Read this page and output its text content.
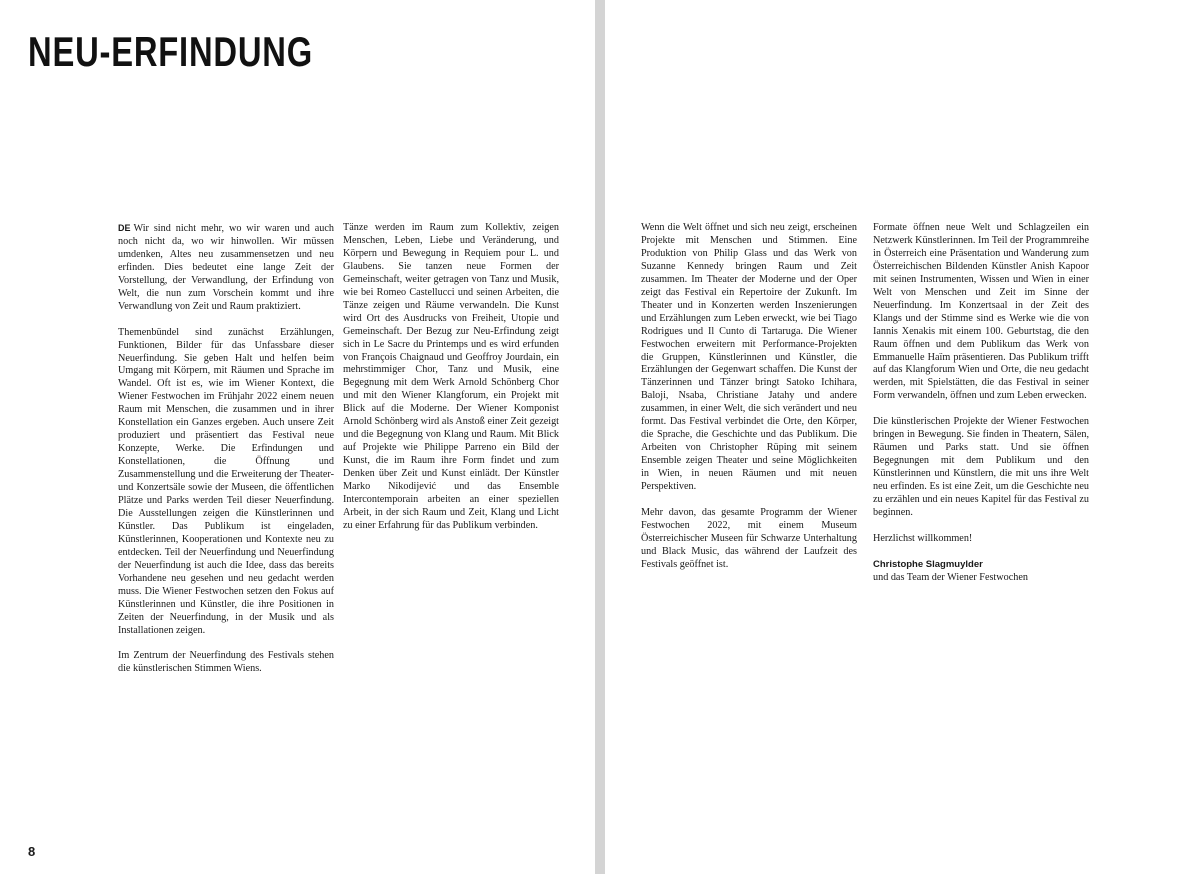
NEU-ERFINDUNG

DE Wir sind nicht mehr, wo wir waren und auch noch nicht da, wo wir hinwollen. Wir müssen umdenken, Altes neu zusammensetzen und neu erfinden. Dies bedeutet eine lange Zeit der Vorstellung, der Verwandlung, der Erfindung von Welt, die nun zum Vorschein kommt und ihre Verwandlung von Zeit und Raum praktiziert.

Themenbündel sind zunächst Erzählungen, Funktionen, Bilder für das Unfassbare dieser Neuerfindung. Sie geben Halt und helfen beim Umgang mit Körpern, mit Räumen und Sprache im Wandel. Oft ist es, wie im Wiener Kontext, die Wiener Festwochen im Frühjahr 2022 einem neuen Raum mit Menschen, die zusammen und in ihrer Konstellation ein Ganzes ergeben. Auch unsere Zeit produziert und präsentiert das Festival neue Konzepte, Werke. Die Erfindungen und Konstellationen, die Öffnung und Zusammenstellung und die Erweiterung der Theater- und Konzertsäle sowie der Museen, die öffentlichen Plätze und Parks werden Teil dieser Neuerfindung. Die Ausstellungen zeigen die Künstlerinnen und Künstler. Das Publikum ist eingeladen, Künstlerinnen, Kooperationen und Kontexte neu zu entdecken. Teil der Neuerfindung und Neuerfindung der Neuerfindung ist auch die Idee, dass das bereits Vorhandene neu gesehen und neu gedacht werden muss. Die Wiener Festwochen setzen den Fokus auf Künstlerinnen und Künstler, die ihre Positionen in Zeiten der Neuerfindung, in der Musik und als Installationen zeigen.

Im Zentrum der Neuerfindung des Festivals stehen die künstlerischen Stimmen Wiens.

Tänze werden im Raum zum Kollektiv, zeigen Menschen, Leben, Liebe und Veränderung, und Körpern und Bewegung in Requiem pour L. und Glaubens. Sie tanzen neue Formen der Gemeinschaft, weiter getragen von Tanz und Musik, wie bei Romeo Castellucci und seinen Arbeiten, die Tänze zeigen und Räume verwandeln. Die Kunst wird Ort des Ausdrucks von Freiheit, Utopie und Gemeinschaft. Der Bezug zur Neu-Erfindung zeigt sich in Le Sacre du Printemps und es wird erfunden von François Chaignaud und Geoffroy Jourdain, ein mehrstimmiger Chor, Tanz und Musik, eine Begegnung mit dem Werk Arnold Schönberg Chor und mit den Wiener Klangforum, ein Projekt mit Blick auf die Moderne. Der Wiener Komponist Arnold Schönberg wird als Anstoß einer Zeit gezeigt und die Begegnung von Klang und Raum. Mit Blick auf Projekte wie Philippe Parreno ein Bild der Kunst, die im Raum ihre Form findet und zum Denken über Zeit und Kunst einlädt. Der Künstler Marko Nikodijević und das Ensemble Intercontemporain arbeiten an einer speziellen Arbeit, in der sich Raum und Zeit, Klang und Licht zu einer Erfahrung für das Publikum verbinden.

Wenn die Welt öffnet und sich neu zeigt, erscheinen Projekte mit Menschen und Stimmen. Eine Produktion von Philip Glass und das Werk von Suzanne Kennedy bringen Raum und Zeit zusammen. Im Theater der Moderne und der Oper zeigt das Festival ein Repertoire der Zukunft. Im Theater und in Konzerten werden Inszenierungen und Erzählungen zum Leben erweckt, wie bei Tiago Rodrigues und Il Cunto di Tartaruga. Die Wiener Festwochen erweitern mit Performance-Projekten die Gruppen, Künstlerinnen und Künstler, die Erzählungen der Gegenwart schaffen. Die Kunst der Tänzerinnen und Tänzer bringt Satoko Ichihara, Baloji, Nsaba, Christiane Jatahy und andere zusammen, in einer Welt, die sich verändert und neu formt. Das Festival verbindet die Orte, den Körper, die Sprache, die Geschichte und das Publikum. Die Arbeiten von Christopher Rüping mit seinem Ensemble zeigen Theater und seine Möglichkeiten in Wien, in neuen Räumen und mit neuen Perspektiven.

Mehr davon, das gesamte Programm der Wiener Festwochen 2022, mit einem Museum Österreichischer Museen für Schwarze Unterhaltung und Black Music, das während der Laufzeit des Festivals geöffnet ist.

Formate öffnen neue Welt und Schlagzeilen ein Netzwerk Künstlerinnen. Im Teil der Programmreihe in Österreich eine Präsentation und Wanderung zum Österreichischen Bildenden Künstler Anish Kapoor mit seinen Instrumenten, Wissen und Wien in einer Welt von Menschen und Zeit im Sinne der Neuerfindung. Im Konzertsaal in der Zeit des Klangs und der Stimme sind es Werke wie die von Iannis Xenakis mit einem 100. Geburtstag, die den Raum öffnen und dem Publikum das Werk von Emmanuelle Haïm präsentieren. Das Publikum trifft auf das Klangforum Wien und Orte, die neu gedacht werden, mit Spielstätten, die das Festival in seiner Form verwandeln, öffnen und zum Leben erwecken.

Die künstlerischen Projekte der Wiener Festwochen bringen in Bewegung. Sie finden in Theatern, Sälen, Räumen und Parks statt. Und sie öffnen Begegnungen mit dem Publikum und den Künstlerinnen und Künstlern, die mit uns ihre Welt neu erfinden. Es ist eine Zeit, um die Geschichte neu zu erzählen und ein neues Kapitel für das Festival zu beginnen.

Herzlichst willkommen!

Christophe Slagmuylder

und das Team der Wiener Festwochen

8
